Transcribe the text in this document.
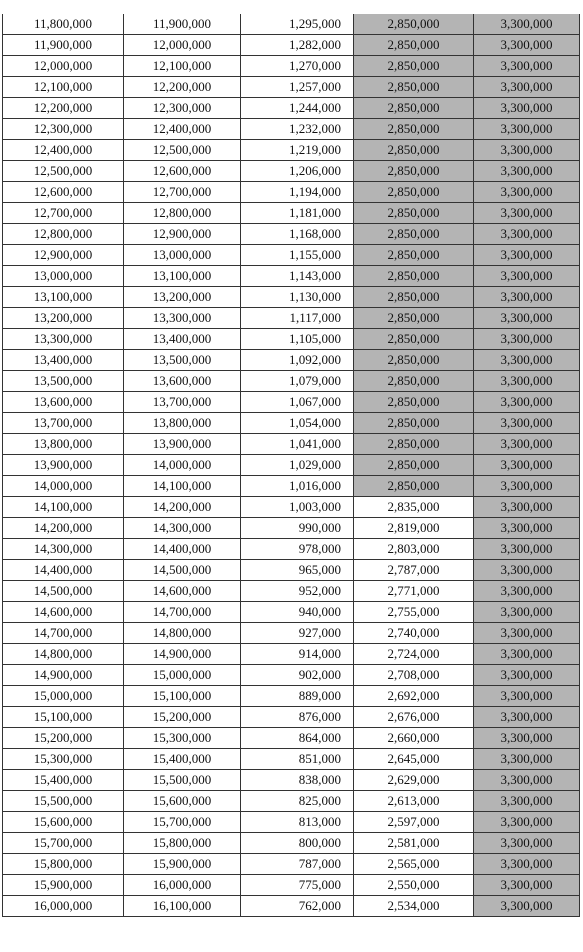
11,800,000	11,900,000	1,295,000	2,850,000	3,300,000
11,900,000	12,000,000	1,282,000	2,850,000	3,300,000
12,000,000	12,100,000	1,270,000	2,850,000	3,300,000
12,100,000	12,200,000	1,257,000	2,850,000	3,300,000
12,200,000	12,300,000	1,244,000	2,850,000	3,300,000
12,300,000	12,400,000	1,232,000	2,850,000	3,300,000
12,400,000	12,500,000	1,219,000	2,850,000	3,300,000
12,500,000	12,600,000	1,206,000	2,850,000	3,300,000
12,600,000	12,700,000	1,194,000	2,850,000	3,300,000
12,700,000	12,800,000	1,181,000	2,850,000	3,300,000
12,800,000	12,900,000	1,168,000	2,850,000	3,300,000
12,900,000	13,000,000	1,155,000	2,850,000	3,300,000
13,000,000	13,100,000	1,143,000	2,850,000	3,300,000
13,100,000	13,200,000	1,130,000	2,850,000	3,300,000
13,200,000	13,300,000	1,117,000	2,850,000	3,300,000
13,300,000	13,400,000	1,105,000	2,850,000	3,300,000
13,400,000	13,500,000	1,092,000	2,850,000	3,300,000
13,500,000	13,600,000	1,079,000	2,850,000	3,300,000
13,600,000	13,700,000	1,067,000	2,850,000	3,300,000
13,700,000	13,800,000	1,054,000	2,850,000	3,300,000
13,800,000	13,900,000	1,041,000	2,850,000	3,300,000
13,900,000	14,000,000	1,029,000	2,850,000	3,300,000
14,000,000	14,100,000	1,016,000	2,850,000	3,300,000
14,100,000	14,200,000	1,003,000	2,835,000	3,300,000
14,200,000	14,300,000	990,000	2,819,000	3,300,000
14,300,000	14,400,000	978,000	2,803,000	3,300,000
14,400,000	14,500,000	965,000	2,787,000	3,300,000
14,500,000	14,600,000	952,000	2,771,000	3,300,000
14,600,000	14,700,000	940,000	2,755,000	3,300,000
14,700,000	14,800,000	927,000	2,740,000	3,300,000
14,800,000	14,900,000	914,000	2,724,000	3,300,000
14,900,000	15,000,000	902,000	2,708,000	3,300,000
15,000,000	15,100,000	889,000	2,692,000	3,300,000
15,100,000	15,200,000	876,000	2,676,000	3,300,000
15,200,000	15,300,000	864,000	2,660,000	3,300,000
15,300,000	15,400,000	851,000	2,645,000	3,300,000
15,400,000	15,500,000	838,000	2,629,000	3,300,000
15,500,000	15,600,000	825,000	2,613,000	3,300,000
15,600,000	15,700,000	813,000	2,597,000	3,300,000
15,700,000	15,800,000	800,000	2,581,000	3,300,000
15,800,000	15,900,000	787,000	2,565,000	3,300,000
15,900,000	16,000,000	775,000	2,550,000	3,300,000
16,000,000	16,100,000	762,000	2,534,000	3,300,000
